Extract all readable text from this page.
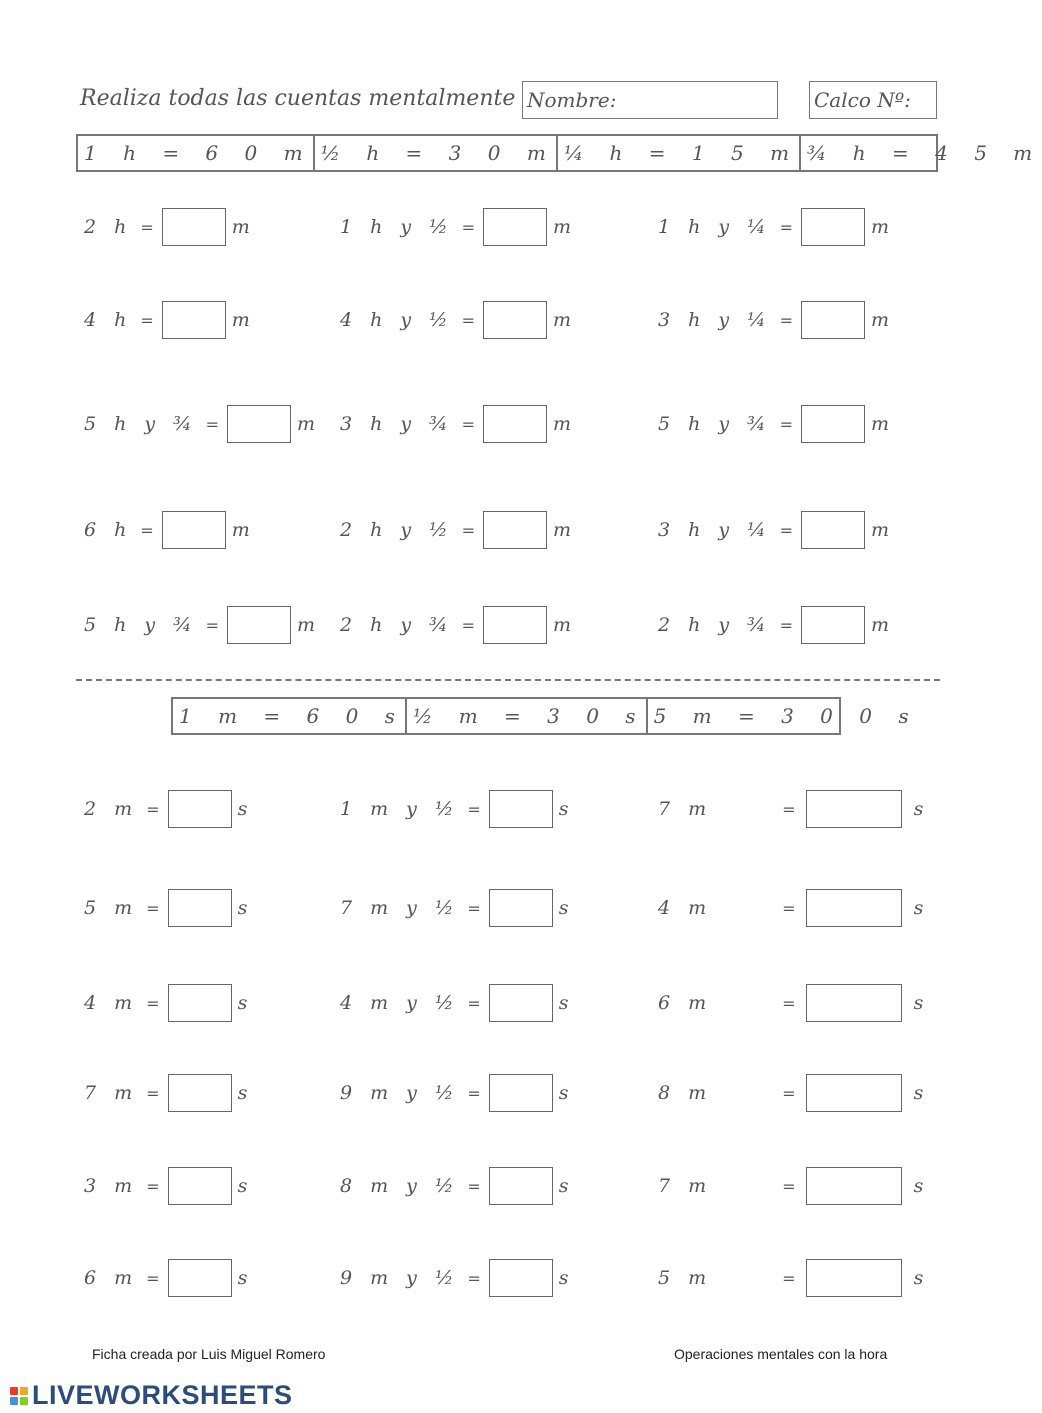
Realiza todas las cuentas mentalmente Nombre:	Calco Nº:
1 h = 6 0 m ½ h = 3 0 m ¼ h = 1 5 m ¾ h = 4 5 m
2 h =	m	1 h y ½ =	m	1 h y ¼ =	m
4 h =	m	4 h y ½ =	m	3 h y ¼ =	m
5 h y ¾ =	m 3 h y ¾ =	m	5 h y ¾ =	m
6 h =	m	2 h y ½ =	m	3 h y ¼ =	m
5 h y ¾ =	m 2 h y ¾ =	m	2 h y ¾ =	m
1 m = 6 0 s ½ m = 3 0 s 5 m = 3 0 0 s
2 m =	s	1 m y ½ =	s	7 m	=	s
5 m =	s	7 m y ½ =	s	4 m	=	s
4 m =	s	4 m y ½ =	s	6 m	=	s
7 m =	s	9 m y ½ =	s	8 m	=	s
3 m =	s	8 m y ½ =	s	7 m	=	s
6 m =	s	9 m y ½ =	s	5 m	=	s
Ficha creada por Luis Miguel Romero	Operaciones mentales con la hora
LIVEWORKSHEETS
